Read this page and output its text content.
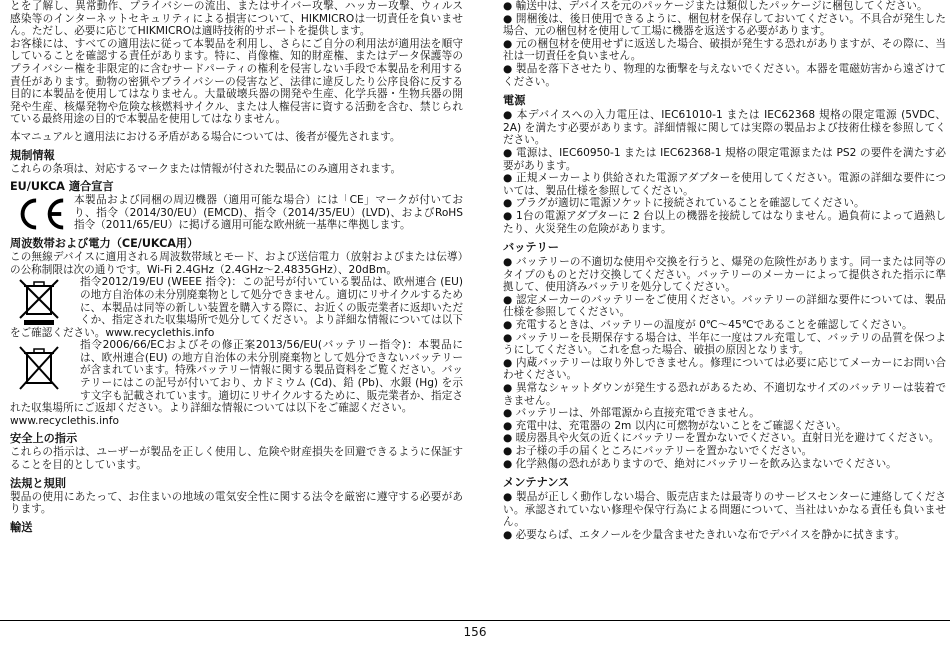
とを了解し、異常動作、プライバシーの流出、またはサイバー攻撃、ハッカー攻撃、ウィルス感染等のインターネットセキュリティによる損害について、HIKMICROは一切責任を負いません。ただし、必要に応じてHIKMICROは適時技術的サポートを提供します。

お客様には、すべての適用法に従って本製品を利用し、さらにご自分の利用法が適用法を順守していることを確認する責任があります。特に、肖像権、知的財産権、またはデータ保護等のプライバシー権を非限定的に含むサードパーティの権利を侵害しない手段で本製品を利用する責任があります。動物の密猟やプライバシーの侵害など、法律に違反したり公序良俗に反する目的に本製品を使用してはなりません。大量破壊兵器の開発や生産、化学兵器・生物兵器の開発や生産、核爆発物や危険な核燃料サイクル、または人権侵害に資する活動を含む、禁じられている最終用途の目的で本製品を使用してはなりません。

本マニュアルと適用法における矛盾がある場合については、後者が優先されます。

規制情報

これらの条項は、対応するマークまたは情報が付された製品にのみ適用されます。

EU/UKCA 適合宣言

本製品および同梱の周辺機器（適用可能な場合）には「CE」マークが付いており、指令（2014/30/EU）(EMCD)、指令（2014/35/EU）(LVD)、およびRoHS指令（2011/65/EU）に掲げる適用可能な欧州統一基準に準拠します。

周波数帯および電力（CE/UKCA用）

この無線デバイスに適用される周波数帯域とモード、および送信電力（放射およびまたは伝導）の公称制限は次の通りです。Wi-Fi 2.4GHz（2.4GHz～2.4835GHz）、20dBm。

指令2012/19/EU (WEEE 指令)：この記号が付いている製品は、欧州連合 (EU) の地方自治体の未分別廃棄物として処分できません。適切にリサイクルするために、本製品は同等の新しい装置を購入する際に、お近くの販売業者に返却いただくか、指定された収集場所で処分してください。より詳細な情報については以下をご確認ください。www.recyclethis.info

指令2006/66/ECおよびその修正案2013/56/EU(バッテリー指令)：本製品には、欧州連合(EU) の地方自治体の未分別廃棄物として処分できないバッテリーが含まれています。特殊バッテリー情報に関する製品資料をご覧ください。バッテリーにはこの記号が付いており、カドミウム (Cd)、鉛 (Pb)、水銀 (Hg) を示す文字も記載されています。適切にリサイクルするために、販売業者か、指定された収集場所にご返却ください。より詳細な情報については以下をご確認ください。

www.recyclethis.info

安全上の指示

これらの指示は、ユーザーが製品を正しく使用し、危険や財産損失を回避できるように保証することを目的としています。

法規と規則

製品の使用にあたって、お住まいの地域の電気安全性に関する法令を厳密に遵守する必要があります。

輸送

● 輸送中は、デバイスを元のパッケージまたは類似したパッケージに梱包してください。

● 開梱後は、後日使用できるように、梱包材を保存しておいてください。不具合が発生した場合、元の梱包材を使用して工場に機器を返送する必要があります。

● 元の梱包材を使用せずに返送した場合、破損が発生する恐れがありますが、その際に、当社は一切責任を負いません。

● 製品を落下させたり、物理的な衝撃を与えないでください。本器を電磁妨害から遠ざけてください。

電源

● 本デバイスへの入力電圧は、IEC61010-1 または IEC62368 規格の限定電源 (5VDC、2A) を満たす必要があります。詳細情報に関しては実際の製品および技術仕様を参照してください。

● 電源は、IEC60950-1 または IEC62368-1 規格の限定電源または PS2 の要件を満たす必要があります。

● 正規メーカーより供給された電源アダプターを使用してください。電源の詳細な要件については、製品仕様を参照してください。

● プラグが適切に電源ソケットに接続されていることを確認してください。

● 1台の電源アダプターに 2 台以上の機器を接続してはなりません。過負荷によって過熱したり、火災発生の危険があります。

バッテリー

● バッテリーの不適切な使用や交換を行うと、爆発の危険性があります。同一または同等のタイプのものとだけ交換してください。バッテリーのメーカーによって提供された指示に準拠して、使用済みバッテリを処分してください。

● 認定メーカーのバッテリーをご使用ください。バッテリーの詳細な要件については、製品仕様を参照してください。

● 充電するときは、バッテリーの温度が 0℃～45℃であることを確認してください。

● バッテリーを長期保存する場合は、半年に一度はフル充電して、バッテリの品質を保つようにしてください。これを怠った場合、破損の原因となります。

● 内蔵バッテリーは取り外しできません。修理については必要に応じてメーカーにお問い合わせください。

● 異常なシャットダウンが発生する恐れがあるため、不適切なサイズのバッテリーは装着できません。

● バッテリーは、外部電源から直接充電できません。

● 充電中は、充電器の 2m 以内に可燃物がないことをご確認ください。

● 暖房器具や火気の近くにバッテリーを置かないでください。直射日光を避けてください。

● お子様の手の届くところにバッテリーを置かないでください。

● 化学熱傷の恐れがありますので、絶対にバッテリーを飲み込まないでください。

メンテナンス

● 製品が正しく動作しない場合、販売店または最寄りのサービスセンターに連絡してください。承認されていない修理や保守行為による問題について、当社はいかなる責任も負いません。

● 必要ならば、エタノールを少量含ませたきれいな布でデバイスを静かに拭きます。

156
